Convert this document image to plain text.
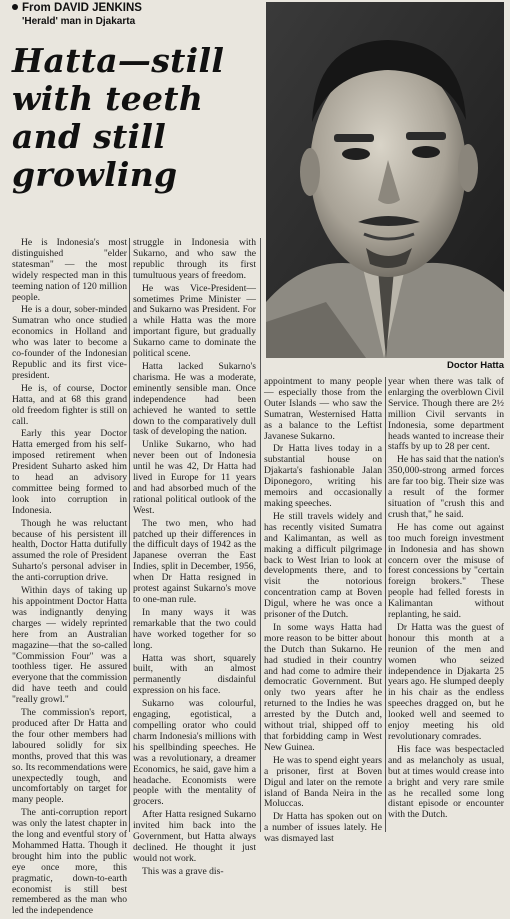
From DAVID JENKINS
'Herald' man in Djakarta
Hatta—still
with teeth
and still
growling
Doctor Hatta

He is Indonesia's most distinguished "elder statesman" — the most widely respected man in this teeming nation of 120 million people.

He is a dour, sober-minded Sumatran who once studied economics in Holland and who was later to become a co-founder of the Indonesian Republic and its first vice-president.

He is, of course, Doctor Hatta, and at 68 this grand old freedom fighter is still on call.

Early this year Doctor Hatta emerged from his self-imposed retirement when President Suharto asked him to head an advisory committee being formed to look into corruption in Indonesia.

Though he was reluctant because of his persistent ill health, Doctor Hatta dutifully assumed the role of President Suharto's personal adviser in the anti-corruption drive.

Within days of taking up his appointment Doctor Hatta was indignantly denying charges — widely reprinted here from an Australian magazine—that the so-called "Commission Four" was a toothless tiger. He assured everyone that the commission did have teeth and could "really growl."

The commission's report, produced after Dr Hatta and the four other members had laboured solidly for six months, proved that this was so. Its recommendations were unexpectedly tough, and uncomfortably on target for many people.

The anti-corruption report was only the latest chapter in the long and eventful story of Mohammed Hatta. Though it brought him into the public eye once more, this pragmatic, down-to-earth economist is still best remembered as the man who led the independence

struggle in Indonesia with Sukarno, and who saw the republic through its first tumultuous years of freedom.

He was Vice-President—sometimes Prime Minister —and Sukarno was President. For a while Hatta was the more important figure, but gradually Sukarno came to dominate the political scene.

Hatta lacked Sukarno's charisma. He was a moderate, eminently sensible man. Once independence had been achieved he wanted to settle down to the comparatively dull task of developing the nation.

Unlike Sukarno, who had never been out of Indonesia until he was 42, Dr Hatta had lived in Europe for 11 years and had absorbed much of the rational political outlook of the West.

The two men, who had patched up their differences in the difficult days of 1942 as the Japanese overran the East Indies, split in December, 1956, when Dr Hatta resigned in protest against Sukarno's move to one-man rule.

In many ways it was remarkable that the two could have worked together for so long.

Hatta was short, squarely built, with an almost permanently disdainful expression on his face.

Sukarno was colourful, engaging, egotistical, a compelling orator who could charm Indonesia's millions with his spellbinding speeches. He was a revolutionary, a dreamer Economics, he said, gave him a headache. Economists were people with the mentality of grocers.

After Hatta resigned Sukarno invited him back into the Government, but Hatta always declined. He thought it just would not work.

This was a grave dis-

appointment to many people — especially those from the Outer Islands — who saw the Sumatran, Westernised Hatta as a balance to the Leftist Javanese Sukarno.

Dr Hatta lives today in a substantial house on Djakarta's fashionable Jalan Diponegoro, writing his memoirs and occasionally making speeches.

He still travels widely and has recently visited Sumatra and Kalimantan, as well as making a difficult pilgrimage back to West Irian to look at developments there, and to visit the notorious concentration camp at Boven Digul, where he was once a prisoner of the Dutch.

In some ways Hatta had more reason to be bitter about the Dutch than Sukarno. He had studied in their country and had come to admire their democratic Government. But only two years after he returned to the Indies he was arrested by the Dutch and, without trial, shipped off to that forbidding camp in West New Guinea.

He was to spend eight years a prisoner, first at Boven Digul and later on the remote island of Banda Neira in the Moluccas.

Dr Hatta has spoken out on a number of issues lately. He was dismayed last

year when there was talk of enlarging the overblown Civil Service. Though there are 2½ million Civil servants in Indonesia, some department heads wanted to increase their staffs by up to 28 per cent.

He has said that the nation's 350,000-strong armed forces are far too big. Their size was a result of the former situation of "crush this and crush that," he said.

He has come out against too much foreign investment in Indonesia and has shown concern over the misuse of forest concessions by "certain foreign brokers." These people had felled forests in Kalimantan without replanting, he said.

Dr Hatta was the guest of honour this month at a reunion of the men and women who seized independence in Djakarta 25 years ago. He slumped deeply in his chair as the endless speeches dragged on, but he looked well and seemed to enjoy meeting his old revolutionary comrades.

His face was bespectacled and as melancholy as usual, but at times would crease into a bright and very rare smile as he recalled some long distant episode or encounter with the Dutch.
